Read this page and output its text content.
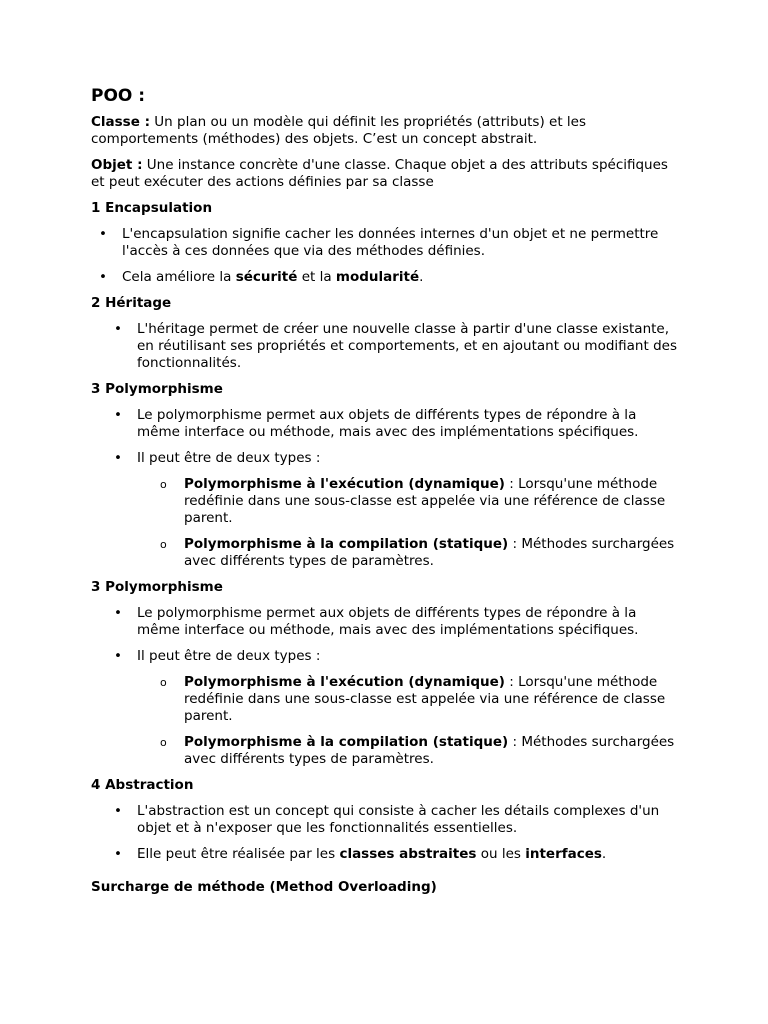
POO :

Classe : Un plan ou un modèle qui définit les propriétés (attributs) et les comportements (méthodes) des objets. C’est un concept abstrait.

Objet : Une instance concrète d'une classe. Chaque objet a des attributs spécifiques et peut exécuter des actions définies par sa classe

1 Encapsulation
• L'encapsulation signifie cacher les données internes d'un objet et ne permettre l'accès à ces données que via des méthodes définies.
• Cela améliore la sécurité et la modularité.
2 Héritage
• L'héritage permet de créer une nouvelle classe à partir d'une classe existante, en réutilisant ses propriétés et comportements, et en ajoutant ou modifiant des fonctionnalités.
3 Polymorphisme
• Le polymorphisme permet aux objets de différents types de répondre à la même interface ou méthode, mais avec des implémentations spécifiques.
• Il peut être de deux types :
o Polymorphisme à l'exécution (dynamique) : Lorsqu'une méthode redéfinie dans une sous-classe est appelée via une référence de classe parent.
o Polymorphisme à la compilation (statique) : Méthodes surchargées avec différents types de paramètres.
3 Polymorphisme
• Le polymorphisme permet aux objets de différents types de répondre à la même interface ou méthode, mais avec des implémentations spécifiques.
• Il peut être de deux types :
o Polymorphisme à l'exécution (dynamique) : Lorsqu'une méthode redéfinie dans une sous-classe est appelée via une référence de classe parent.
o Polymorphisme à la compilation (statique) : Méthodes surchargées avec différents types de paramètres.
4 Abstraction
• L'abstraction est un concept qui consiste à cacher les détails complexes d'un objet et à n'exposer que les fonctionnalités essentielles.
• Elle peut être réalisée par les classes abstraites ou les interfaces.
Surcharge de méthode (Method Overloading)
